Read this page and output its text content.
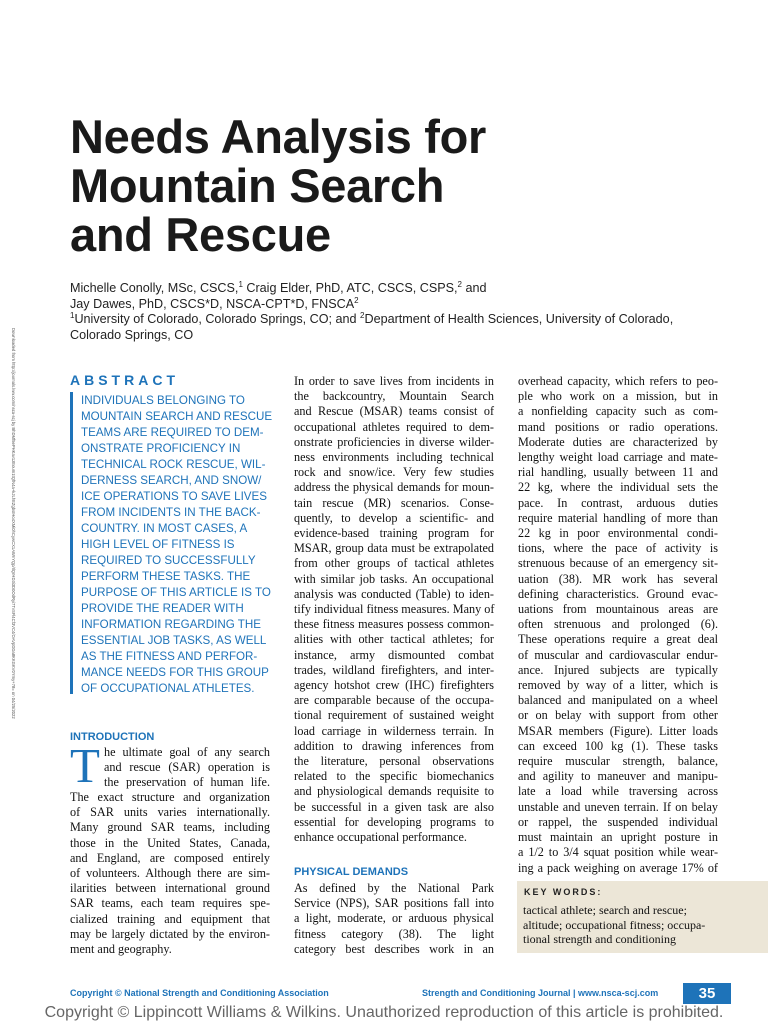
Needs Analysis for
Mountain Search
and Rescue
Michelle Conolly, MSc, CSCS,$^1$ Craig Elder, PhD, ATC, CSCS, CSPS,$^2$ and
Jay Dawes, PhD, CSCS*D, NSCA-CPT*D, FNSCA$^2$
$^1$University of Colorado, Colorado Springs, CO; and $^2$Department of Health Sciences, University of Colorado,
Colorado Springs, CO
Downloaded from http://journals.lww.com/nsca-scj by BhDMf5ePHKav1zEoum1tQfN4a+kJLhEZgbsIHo4XMi0hCywCX1AWnYQp/IlQrHD3i3D0OdRyi7TvSFl4Cf3VC4/OAVpDDa8KKGKV0Ymy+78= on 04/25/2022	ABSTRACT
INDIVIDUALS BELONGING TO
MOUNTAIN SEARCH AND RESCUE
TEAMS ARE REQUIRED TO DEM-
ONSTRATE PROFICIENCY IN
TECHNICAL ROCK RESCUE, WIL-
DERNESS SEARCH, AND SNOW/
ICE OPERATIONS TO SAVE LIVES
FROM INCIDENTS IN THE BACK-
COUNTRY. IN MOST CASES, A
HIGH LEVEL OF FITNESS IS
REQUIRED TO SUCCESSFULLY
PERFORM THESE TASKS. THE
PURPOSE OF THIS ARTICLE IS TO
PROVIDE THE READER WITH
INFORMATION REGARDING THE
ESSENTIAL JOB TASKS, AS WELL
AS THE FITNESS AND PERFOR-
MANCE NEEDS FOR THIS GROUP
OF OCCUPATIONAL ATHLETES.
INTRODUCTION
T he ultimate goal of any search
and rescue (SAR) operation is
the preservation of human life.
The exact structure and organization
of SAR units varies internationally.
Many ground SAR teams, including
those in the United States, Canada,
and England, are composed entirely
of volunteers. Although there are sim-
ilarities between international ground
SAR teams, each team requires spe-
cialized training and equipment that
may be largely dictated by the environ-
ment and geography.
In order to save lives from incidents in
the backcountry, Mountain Search
and Rescue (MSAR) teams consist of
occupational athletes required to dem-
onstrate proficiencies in diverse wilder-
ness environments including technical
rock and snow/ice. Very few studies
address the physical demands for moun-
tain rescue (MR) scenarios. Conse-
quently, to develop a scientific- and
evidence-based training program for
MSAR, group data must be extrapolated
from other groups of tactical athletes
with similar job tasks. An occupational
analysis was conducted (Table) to iden-
tify individual fitness measures. Many of
these fitness measures possess common-
alities with other tactical athletes; for
instance, army dismounted combat
trades, wildland firefighters, and inter-
agency hotshot crew (IHC) firefighters
are comparable because of the occupa-
tional requirement of sustained weight
load carriage in wilderness terrain. In
addition to drawing inferences from
the literature, personal observations
related to the specific biomechanics
and physiological demands requisite to
be successful in a given task are also
essential for developing programs to
enhance occupational performance.
PHYSICAL DEMANDS
As defined by the National Park
Service (NPS), SAR positions fall into
a light, moderate, or arduous physical
fitness category (38). The light
category best describes work in an
overhead capacity, which refers to peo-
ple who work on a mission, but in
a nonfielding capacity such as com-
mand positions or radio operations.
Moderate duties are characterized by
lengthy weight load carriage and mate-
rial handling, usually between 11 and
22 kg, where the individual sets the
pace. In contrast, arduous duties
require material handling of more than
22 kg in poor environmental condi-
tions, where the pace of activity is
strenuous because of an emergency sit-
uation (38). MR work has several
defining characteristics. Ground evac-
uations from mountainous areas are
often strenuous and prolonged (6).
These operations require a great deal
of muscular and cardiovascular endur-
ance. Injured subjects are typically
removed by way of a litter, which is
balanced and manipulated on a wheel
or on belay with support from other
MSAR members (Figure). Litter loads
can exceed 100 kg (1). These tasks
require muscular strength, balance,
and agility to maneuver and manipu-
late a load while traversing across
unstable and uneven terrain. If on belay
or rappel, the suspended individual
must maintain an upright posture in
a 1/2 to 3/4 squat position while wear-
ing a pack weighing on average 17% of
KEY WORDS:
tactical athlete; search and rescue;
altitude; occupational fitness; occupa-
tional strength and conditioning
Copyright © National Strength and Conditioning Association	Strength and Conditioning Journal | www.nsca-scj.com	35
Copyright © Lippincott Williams & Wilkins. Unauthorized reproduction of this article is prohibited.
